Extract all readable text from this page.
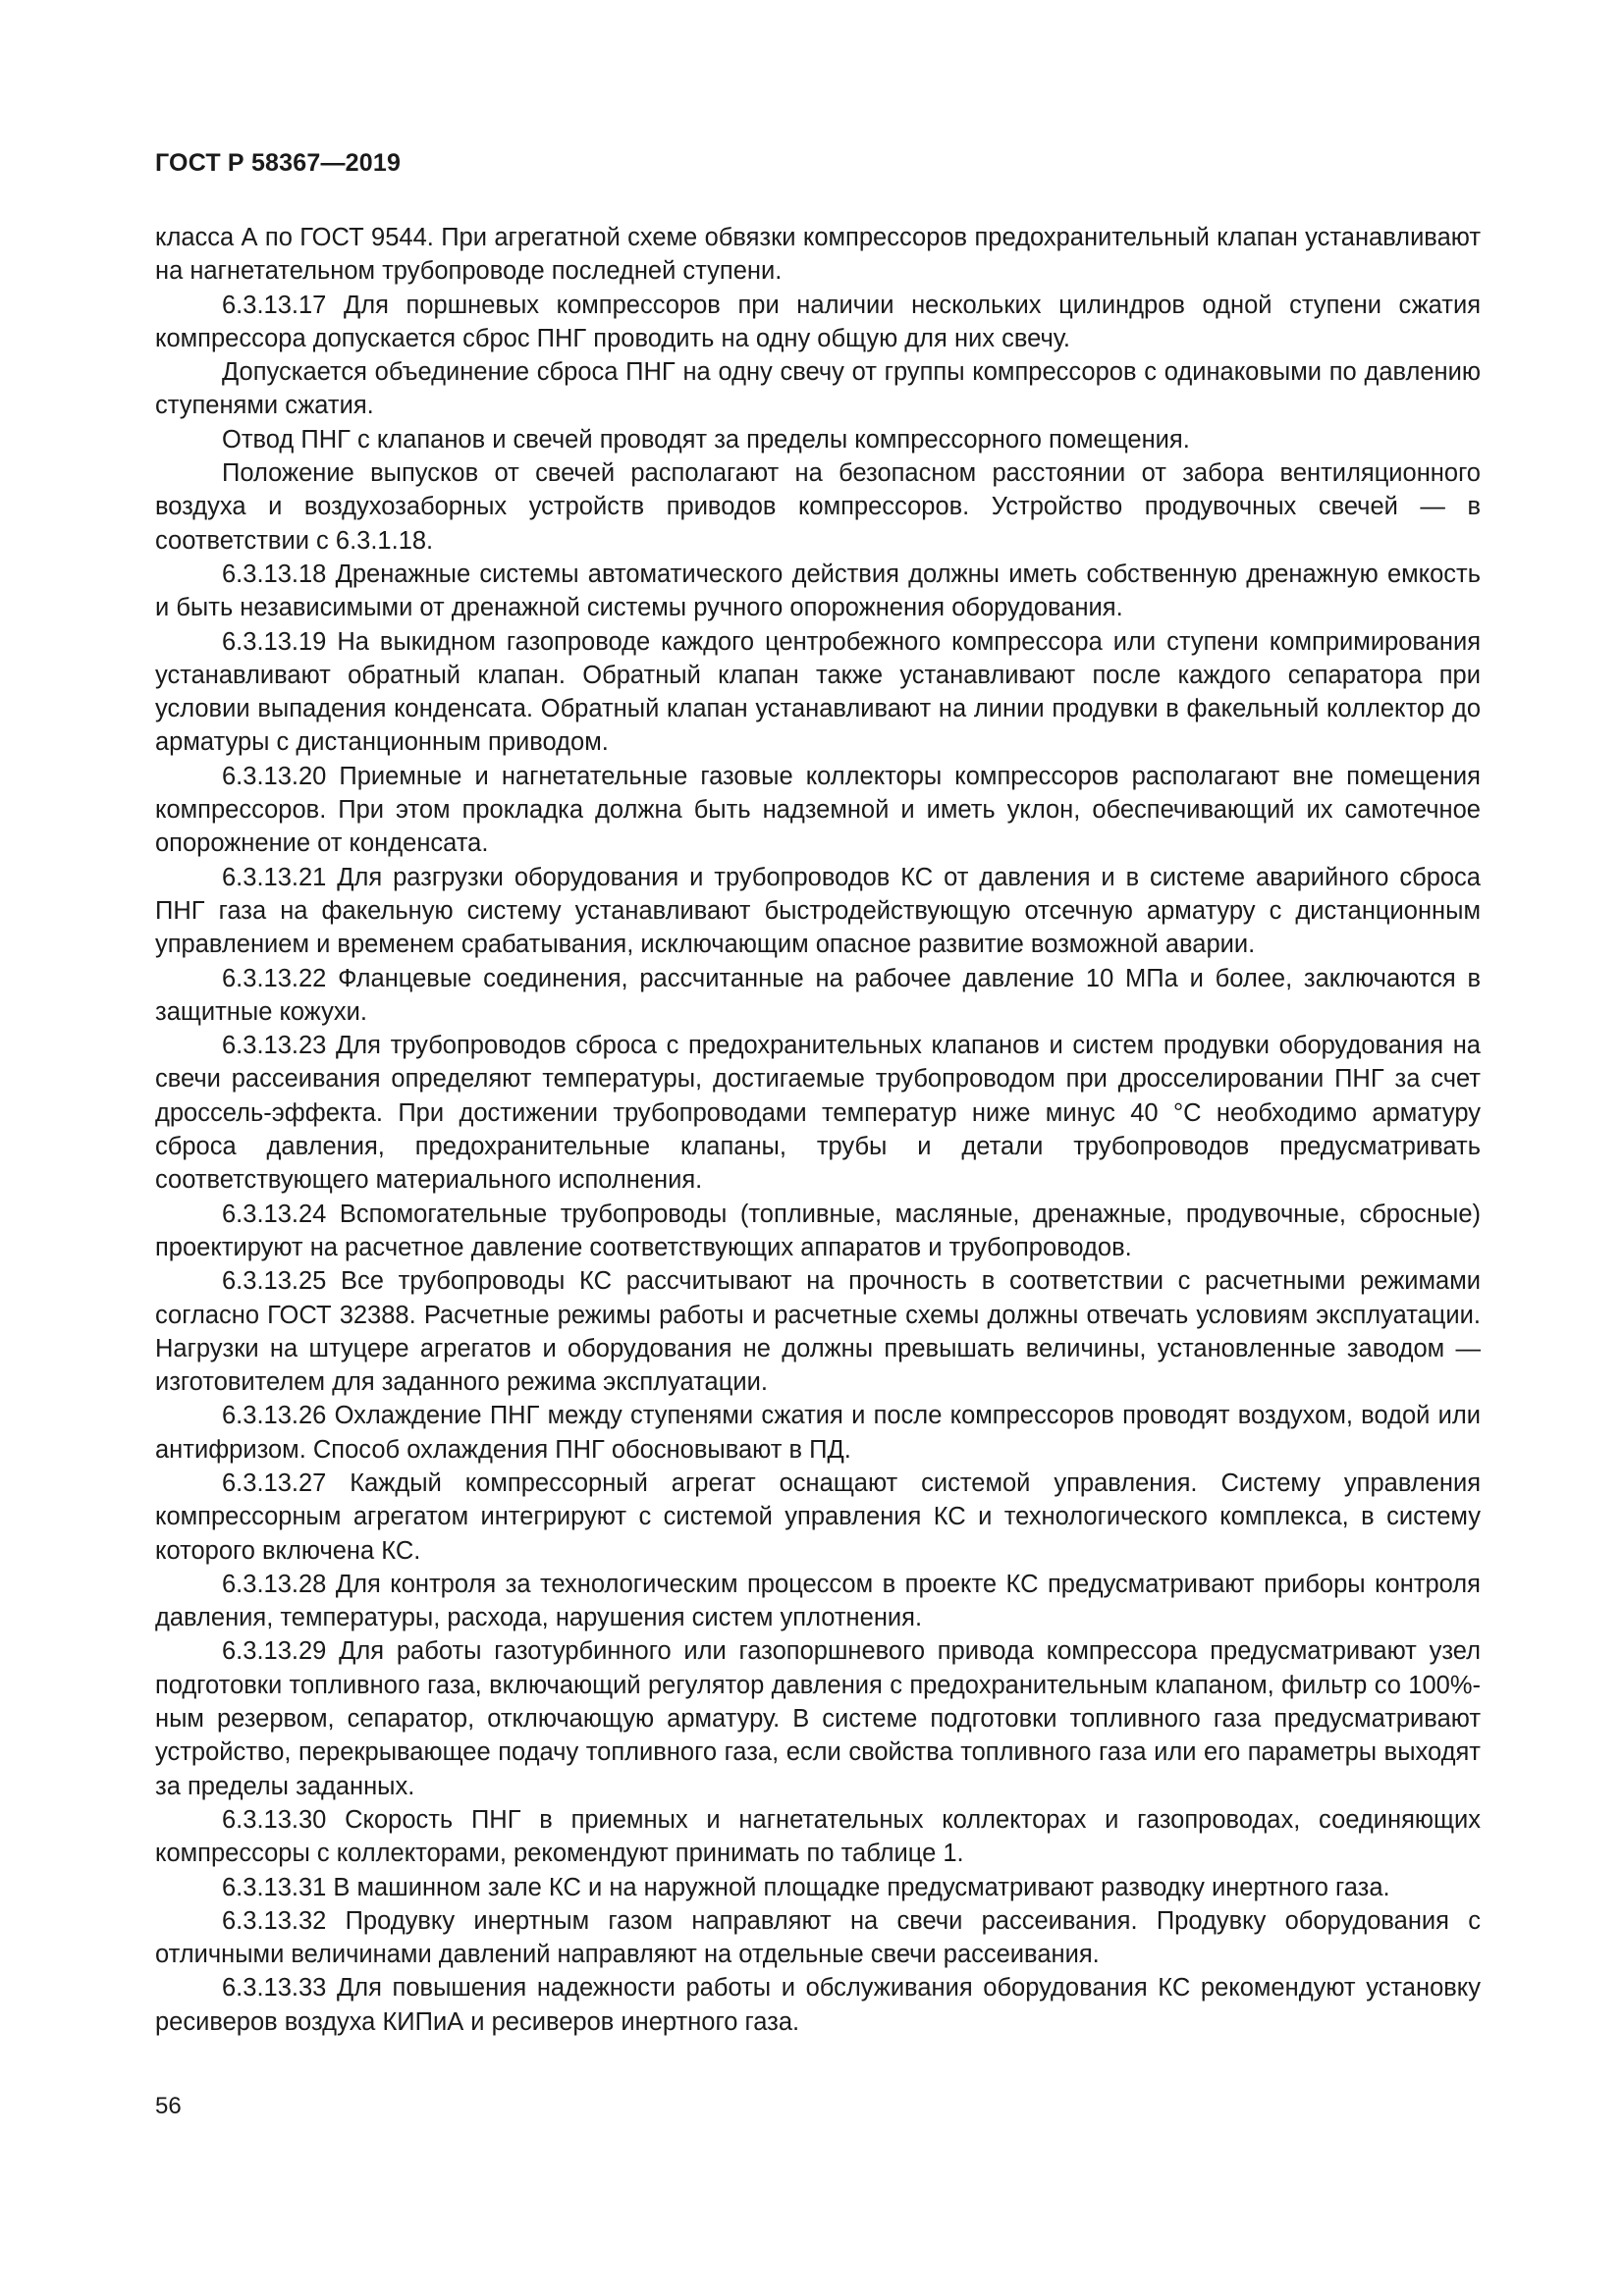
ГОСТ Р 58367—2019

класса А по ГОСТ 9544. При агрегатной схеме обвязки компрессоров предохранительный клапан устанавливают на нагнетательном трубопроводе последней ступени.

6.3.13.17 Для поршневых компрессоров при наличии нескольких цилиндров одной ступени сжатия компрессора допускается сброс ПНГ проводить на одну общую для них свечу.

Допускается объединение сброса ПНГ на одну свечу от группы компрессоров с одинаковыми по давлению ступенями сжатия.

Отвод ПНГ с клапанов и свечей проводят за пределы компрессорного помещения.

Положение выпусков от свечей располагают на безопасном расстоянии от забора вентиляционного воздуха и воздухозаборных устройств приводов компрессоров. Устройство продувочных свечей — в соответствии с 6.3.1.18.

6.3.13.18 Дренажные системы автоматического действия должны иметь собственную дренажную емкость и быть независимыми от дренажной системы ручного опорожнения оборудования.

6.3.13.19 На выкидном газопроводе каждого центробежного компрессора или ступени компримирования устанавливают обратный клапан. Обратный клапан также устанавливают после каждого сепаратора при условии выпадения конденсата. Обратный клапан устанавливают на линии продувки в факельный коллектор до арматуры с дистанционным приводом.

6.3.13.20 Приемные и нагнетательные газовые коллекторы компрессоров располагают вне помещения компрессоров. При этом прокладка должна быть надземной и иметь уклон, обеспечивающий их самотечное опорожнение от конденсата.

6.3.13.21 Для разгрузки оборудования и трубопроводов КС от давления и в системе аварийного сброса ПНГ газа на факельную систему устанавливают быстродействующую отсечную арматуру с дистанционным управлением и временем срабатывания, исключающим опасное развитие возможной аварии.

6.3.13.22 Фланцевые соединения, рассчитанные на рабочее давление 10 МПа и более, заключаются в защитные кожухи.

6.3.13.23 Для трубопроводов сброса с предохранительных клапанов и систем продувки оборудования на свечи рассеивания определяют температуры, достигаемые трубопроводом при дросселировании ПНГ за счет дроссель-эффекта. При достижении трубопроводами температур ниже минус 40 °С необходимо арматуру сброса давления, предохранительные клапаны, трубы и детали трубопроводов предусматривать соответствующего материального исполнения.

6.3.13.24 Вспомогательные трубопроводы (топливные, масляные, дренажные, продувочные, сбросные) проектируют на расчетное давление соответствующих аппаратов и трубопроводов.

6.3.13.25 Все трубопроводы КС рассчитывают на прочность в соответствии с расчетными режимами согласно ГОСТ 32388. Расчетные режимы работы и расчетные схемы должны отвечать условиям эксплуатации. Нагрузки на штуцере агрегатов и оборудования не должны превышать величины, установленные заводом — изготовителем для заданного режима эксплуатации.

6.3.13.26 Охлаждение ПНГ между ступенями сжатия и после компрессоров проводят воздухом, водой или антифризом. Способ охлаждения ПНГ обосновывают в ПД.

6.3.13.27 Каждый компрессорный агрегат оснащают системой управления. Систему управления компрессорным агрегатом интегрируют с системой управления КС и технологического комплекса, в систему которого включена КС.

6.3.13.28 Для контроля за технологическим процессом в проекте КС предусматривают приборы контроля давления, температуры, расхода, нарушения систем уплотнения.

6.3.13.29 Для работы газотурбинного или газопоршневого привода компрессора предусматривают узел подготовки топливного газа, включающий регулятор давления с предохранительным клапаном, фильтр со 100%-ным резервом, сепаратор, отключающую арматуру. В системе подготовки топливного газа предусматривают устройство, перекрывающее подачу топливного газа, если свойства топливного газа или его параметры выходят за пределы заданных.

6.3.13.30 Скорость ПНГ в приемных и нагнетательных коллекторах и газопроводах, соединяющих компрессоры с коллекторами, рекомендуют принимать по таблице 1.

6.3.13.31 В машинном зале КС и на наружной площадке предусматривают разводку инертного газа.

6.3.13.32 Продувку инертным газом направляют на свечи рассеивания. Продувку оборудования с отличными величинами давлений направляют на отдельные свечи рассеивания.

6.3.13.33 Для повышения надежности работы и обслуживания оборудования КС рекомендуют установку ресиверов воздуха КИПиА и ресиверов инертного газа.

56
